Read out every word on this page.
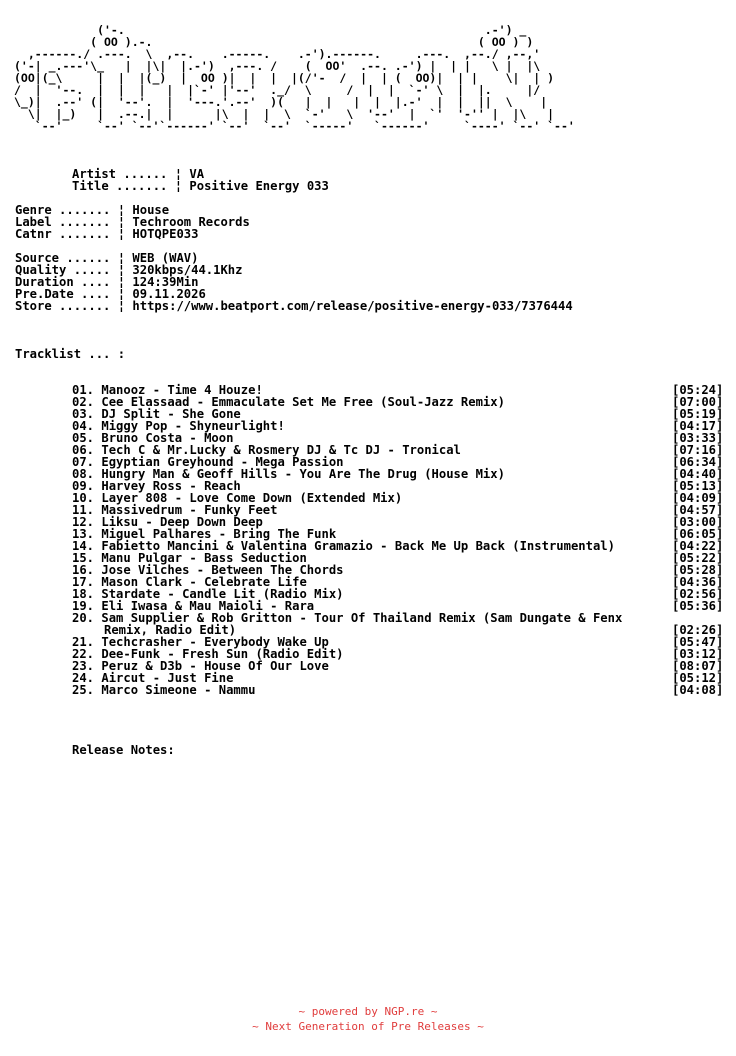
('-.                                                    .-') _
( OO ).-.                                               ( OO ) )
,------./ .---.  \  ,--.    .-----.    .-').------.     .---.  ,--./ ,--,'
('-| _.---'\_   |  |\|  |.-')  ,---. /    (  OO'  .--. .-') |  | |   \ |  |\
(OO|(_\     |  |  |(_)  |  OO )|  |  |  |(/'-  /  |  | (  OO)|  | |    \|  | )
/  |  '--.  |  |  |   |  |`-' |'--'  ._/  \     /  |  |  `-' \  |  |.     |/
\_)|  .--' (|  '--'.  |  '---.'.--'  )(   |  |   |  |  |.-'  |  |  ||  \    |
\|  |_)   |  .--.|  |      |\  |  |  \  `-'   \  '--'  |  `'  '-'' |  |\   |
`--'     `--' `--'`------' `--'  `--'  `-----'   `------'     `----' `--' `--'
Artist ...... ¦ VA
Title ....... ¦ Positive Energy 033
Genre ....... ¦ House
Label ....... ¦ Techroom Records
Catnr ....... ¦ HOTQPE033
Source ...... ¦ WEB (WAV)
Quality ..... ¦ 320kbps/44.1Khz
Duration .... ¦ 124:39Min
Pre.Date .... ¦ 09.11.2026
Store ....... ¦ https://www.beatport.com/release/positive-energy-033/7376444
Tracklist ... :
01. Manooz - Time 4 Houze!	[05:24]
02. Cee Elassaad - Emmaculate Set Me Free (Soul-Jazz Remix)	[07:00]
03. DJ Split - She Gone	[05:19]
04. Miggy Pop - Shyneurlight!	[04:17]
05. Bruno Costa - Moon	[03:33]
06. Tech C & Mr.Lucky & Rosmery DJ & Tc DJ - Tronical	[07:16]
07. Egyptian Greyhound - Mega Passion	[06:34]
08. Hungry Man & Geoff Hills - You Are The Drug (House Mix)	[04:40]
09. Harvey Ross - Reach	[05:13]
10. Layer 808 - Love Come Down (Extended Mix)	[04:09]
11. Massivedrum - Funky Feet	[04:57]
12. Liksu - Deep Down Deep	[03:00]
13. Miguel Palhares - Bring The Funk	[06:05]
14. Fabietto Mancini & Valentina Gramazio - Back Me Up Back (Instrumental)	[04:22]
15. Manu Pulgar - Bass Seduction	[05:22]
16. Jose Vilches - Between The Chords	[05:28]
17. Mason Clark - Celebrate Life	[04:36]
18. Stardate - Candle Lit (Radio Mix)	[02:56]
19. Eli Iwasa & Mau Maioli - Rara	[05:36]
20. Sam Supplier & Rob Gritton - Tour Of Thailand Remix (Sam Dungate & Fenx
Remix, Radio Edit)	[02:26]
21. Techcrasher - Everybody Wake Up	[05:47]
22. Dee-Funk - Fresh Sun (Radio Edit)	[03:12]
23. Peruz & D3b - House Of Our Love	[08:07]
24. Aircut - Just Fine	[05:12]
25. Marco Simeone - Nammu	[04:08]
Release Notes:
~ powered by NGP.re ~
~ Next Generation of Pre Releases ~
